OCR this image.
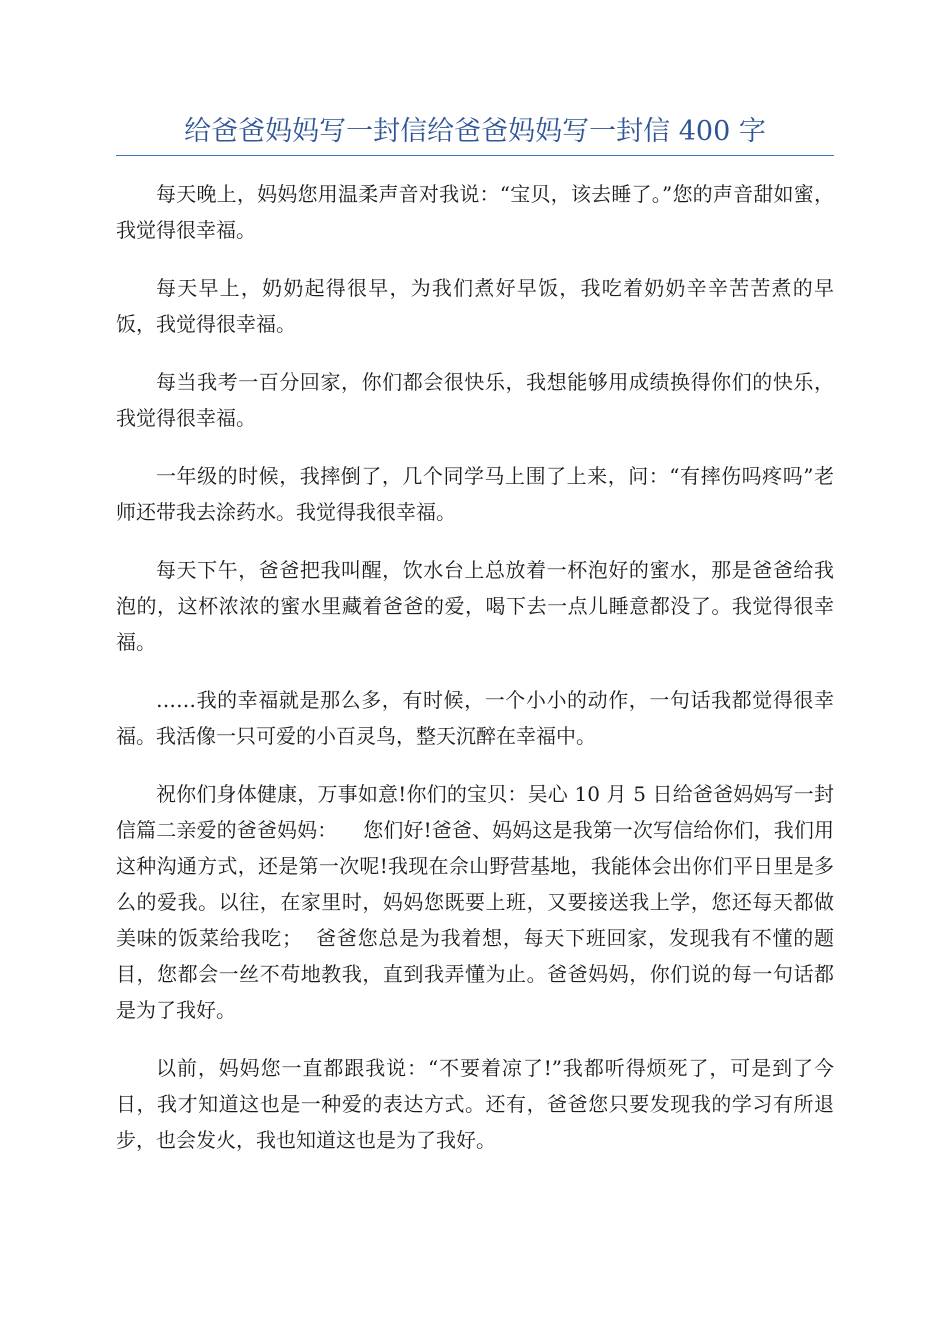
给爸爸妈妈写一封信给爸爸妈妈写一封信 400 字

每天晚上，妈妈您用温柔声音对我说：“宝贝，该去睡了。”您的声音甜如蜜，我觉得很幸福。

每天早上，奶奶起得很早，为我们煮好早饭，我吃着奶奶辛辛苦苦煮的早饭，我觉得很幸福。

每当我考一百分回家，你们都会很快乐，我想能够用成绩换得你们的快乐，我觉得很幸福。

一年级的时候，我摔倒了，几个同学马上围了上来，问：“有摔伤吗疼吗”老师还带我去涂药水。我觉得我很幸福。

每天下午，爸爸把我叫醒，饮水台上总放着一杯泡好的蜜水，那是爸爸给我泡的，这杯浓浓的蜜水里藏着爸爸的爱，喝下去一点儿睡意都没了。我觉得很幸福。

……我的幸福就是那么多，有时候，一个小小的动作，一句话我都觉得很幸福。我活像一只可爱的小百灵鸟，整天沉醉在幸福中。

祝你们身体健康，万事如意!你们的宝贝：吴心 10 月 5 日给爸爸妈妈写一封信篇二亲爱的爸爸妈妈：    您们好!爸爸、妈妈这是我第一次写信给你们，我们用这种沟通方式，还是第一次呢!我现在佘山野营基地，我能体会出你们平日里是多么的爱我。以往，在家里时，妈妈您既要上班，又要接送我上学，您还每天都做美味的饭菜给我吃；  爸爸您总是为我着想，每天下班回家，发现我有不懂的题目，您都会一丝不苟地教我，直到我弄懂为止。爸爸妈妈，你们说的每一句话都是为了我好。

以前，妈妈您一直都跟我说：“不要着凉了!”我都听得烦死了，可是到了今日，我才知道这也是一种爱的表达方式。还有，爸爸您只要发现我的学习有所退步，也会发火，我也知道这也是为了我好。
